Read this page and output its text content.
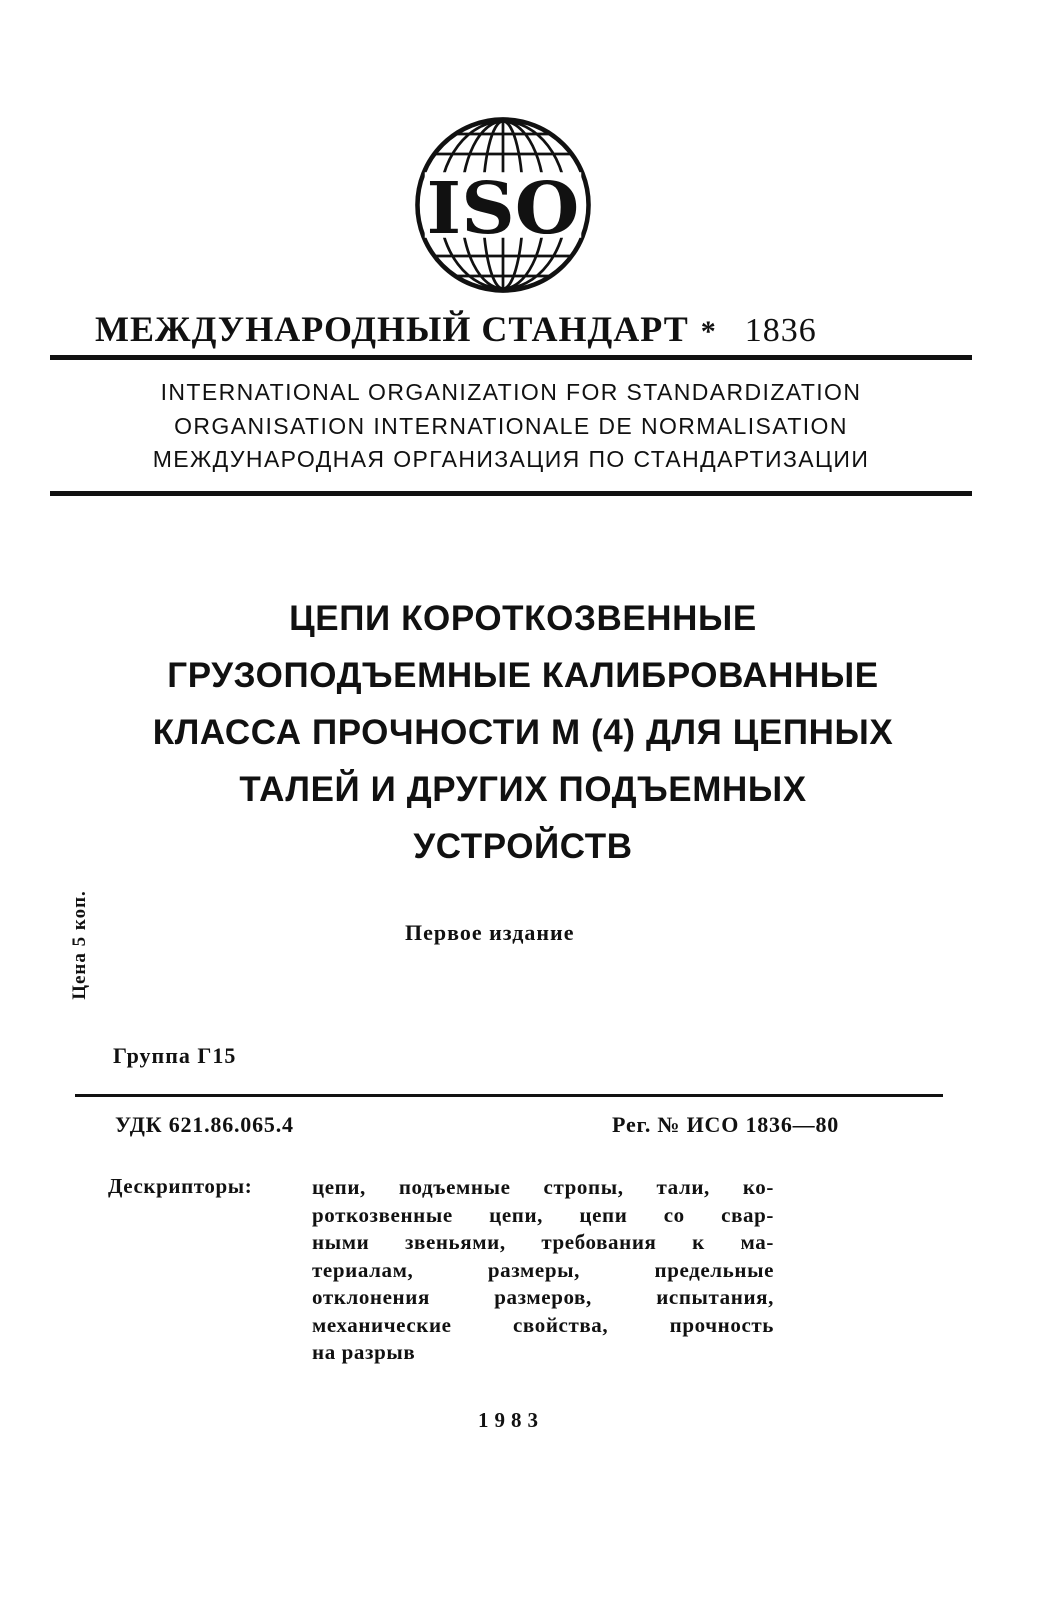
ISO
МЕЖДУНАРОДНЫЙ СТАНДАРТ * 1836
INTERNATIONAL ORGANIZATION FOR STANDARDIZATION
ORGANISATION INTERNATIONALE DE NORMALISATION
МЕЖДУНАРОДНАЯ ОРГАНИЗАЦИЯ ПО СТАНДАРТИЗАЦИИ
ЦЕПИ КОРОТКОЗВЕННЫЕ
ГРУЗОПОДЪЕМНЫЕ КАЛИБРОВАННЫЕ
КЛАССА ПРОЧНОСТИ М (4) ДЛЯ ЦЕПНЫХ
ТАЛЕЙ И ДРУГИХ ПОДЪЕМНЫХ
УСТРОЙСТВ
Первое издание
Цена 5 коп.
Группа Г15
УДК 621.86.065.4	Рег. № ИСО 1836—80
Дескрипторы:	цепи, подъемные стропы, тали, ко-
роткозвенные цепи, цепи со свар-
ными звеньями, требования к ма-
териалам, размеры, предельные
отклонения размеров, испытания,
механические свойства, прочность
на разрыв
1983
